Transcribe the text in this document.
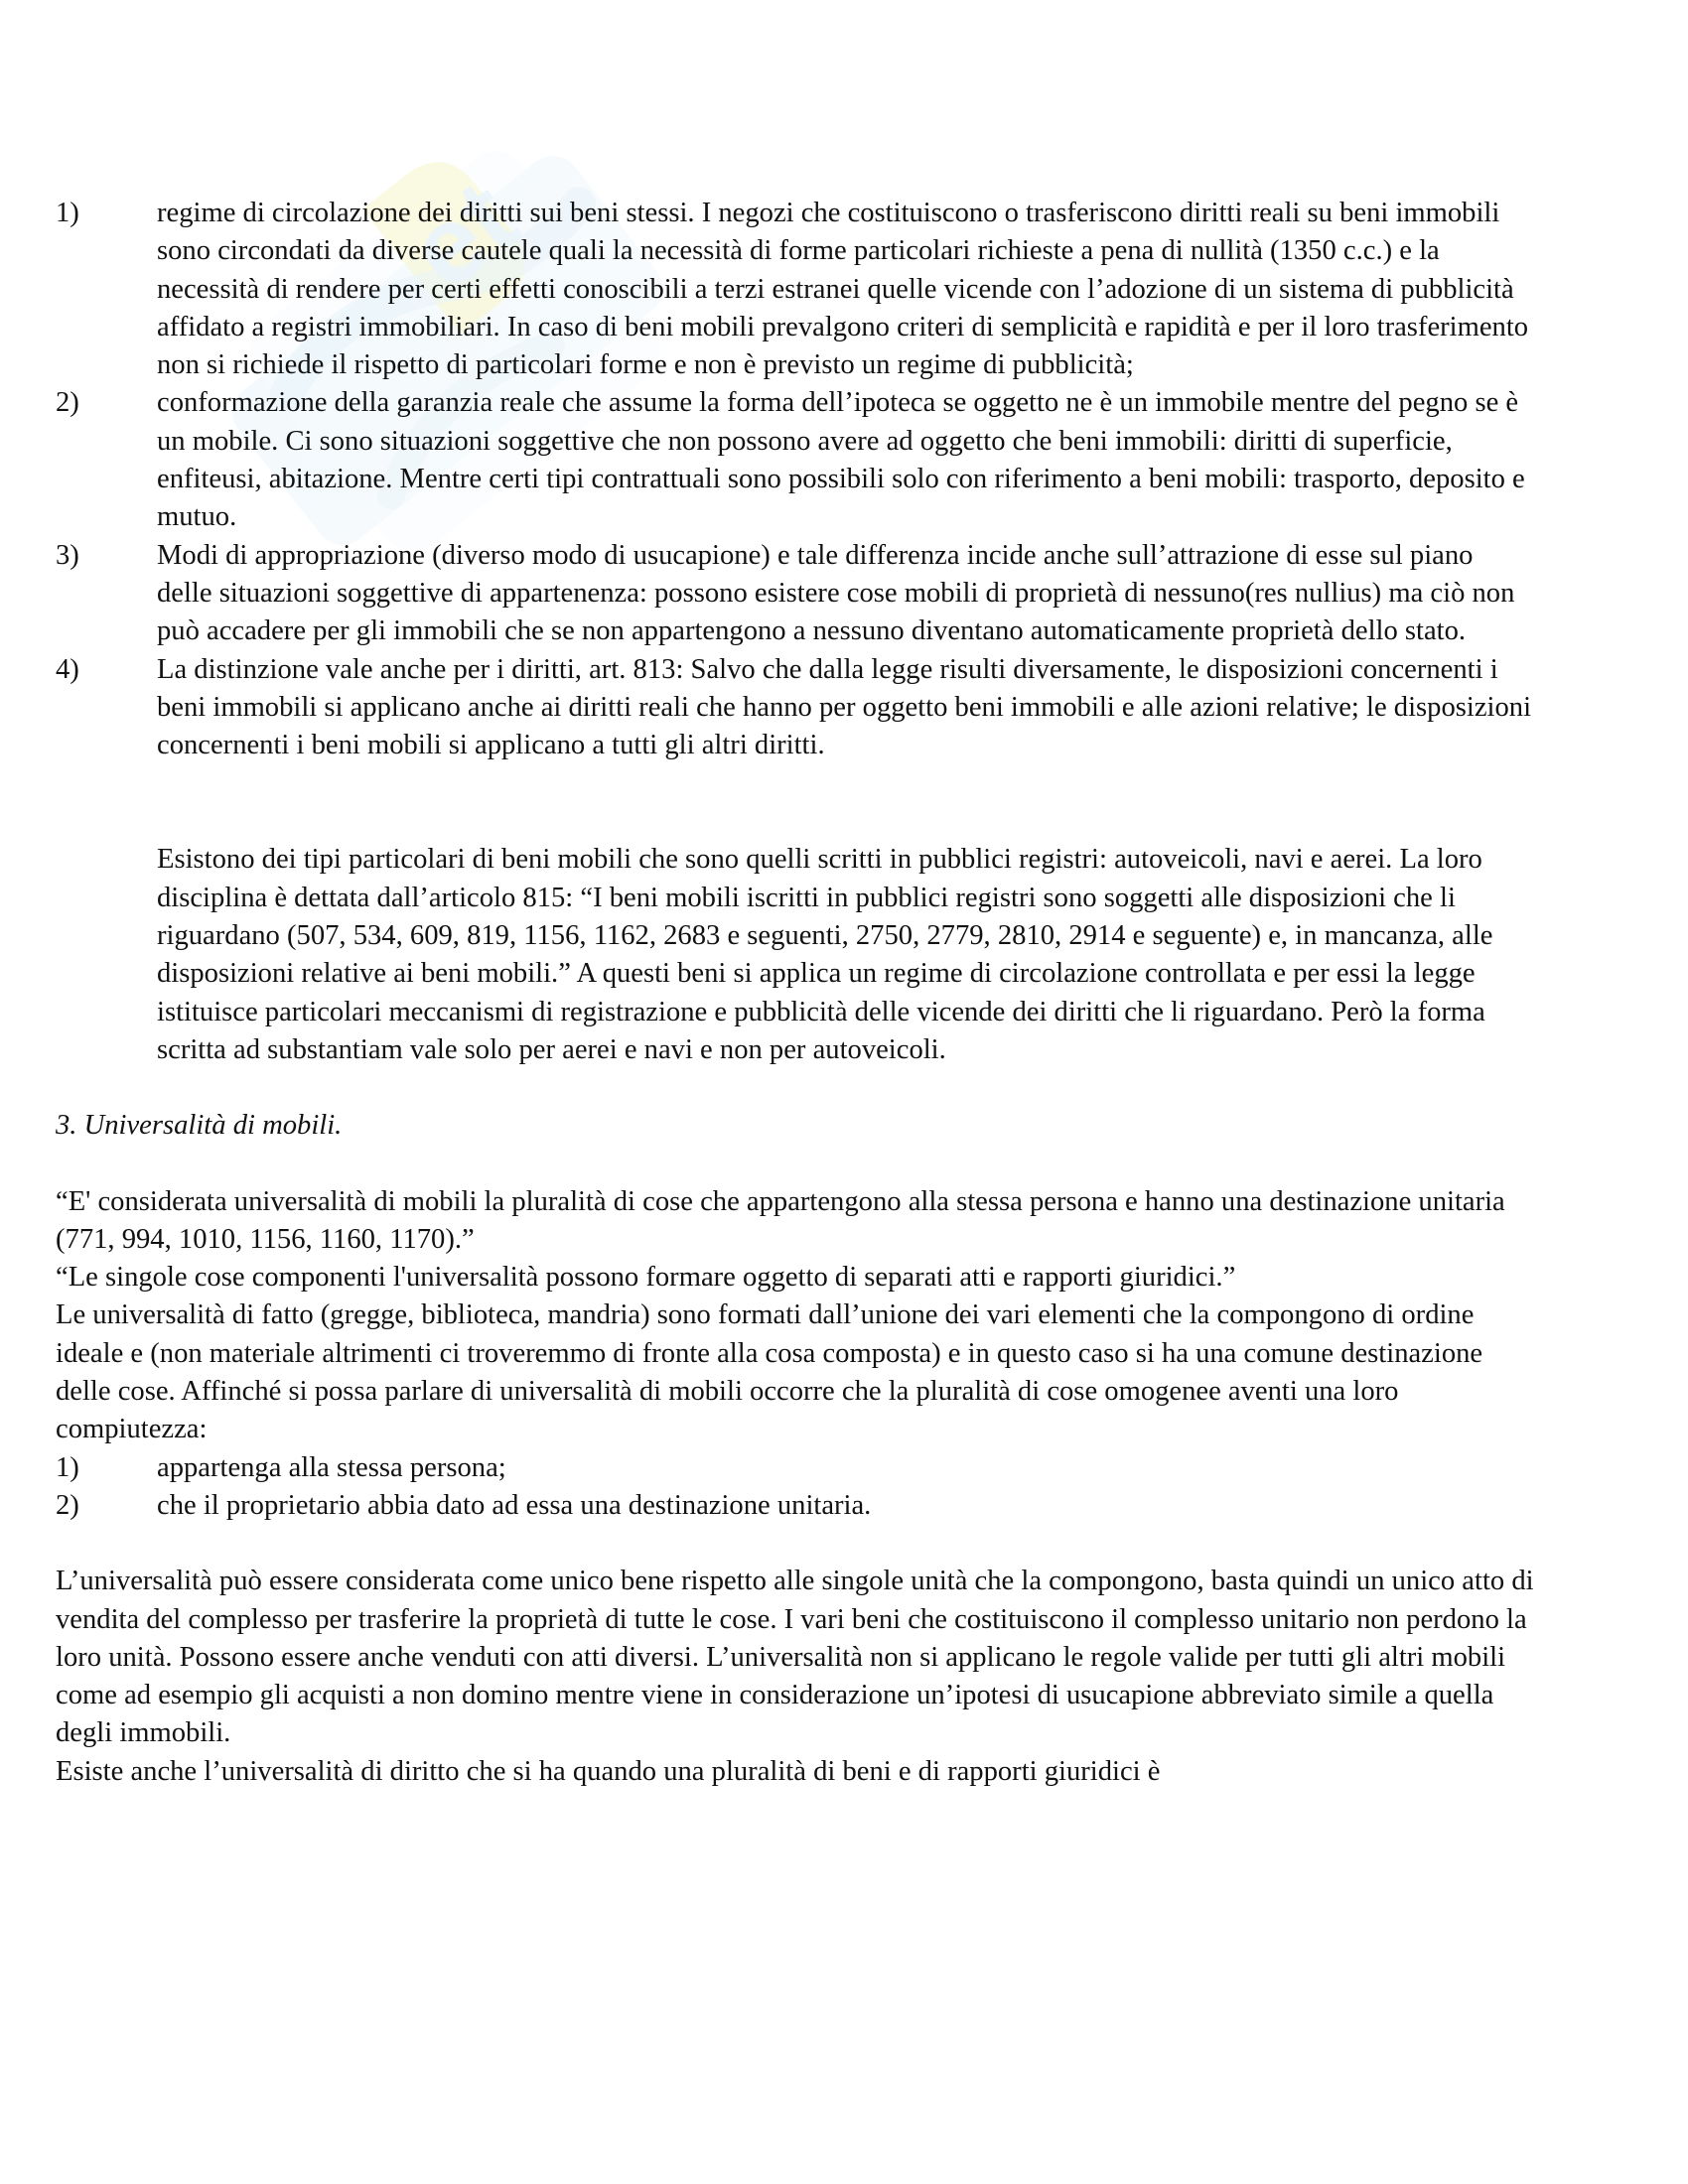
et
1)	regime di circolazione dei diritti sui beni stessi. I negozi che costituiscono o trasferiscono diritti reali su beni immobili sono circondati da diverse cautele quali la necessità di forme particolari richieste a pena di nullità (1350 c.c.) e la necessità di rendere per certi effetti conoscibili a terzi estranei quelle vicende con l’adozione di un sistema di pubblicità affidato a registri immobiliari. In caso di beni mobili prevalgono criteri di semplicità e rapidità e per il loro trasferimento non si richiede il rispetto di particolari forme e non è previsto un regime di pubblicità;
2)	conformazione della garanzia reale che assume la forma dell’ipoteca se oggetto ne è un immobile mentre del pegno se è un mobile. Ci sono situazioni soggettive che non possono avere ad oggetto che beni immobili: diritti di superficie, enfiteusi, abitazione. Mentre certi tipi contrattuali sono possibili solo con riferimento a beni mobili: trasporto, deposito e mutuo.
3)	Modi di appropriazione (diverso modo di usucapione) e tale differenza incide anche sull’attrazione di esse sul piano delle situazioni soggettive di appartenenza: possono esistere cose mobili di proprietà di nessuno(res nullius) ma ciò non può accadere per gli immobili che se non appartengono a nessuno diventano automaticamente proprietà dello stato.
4)	La distinzione vale anche per i diritti, art. 813: Salvo che dalla legge risulti diversamente, le disposizioni concernenti i beni immobili si applicano anche ai diritti reali che hanno per oggetto beni immobili e alle azioni relative; le disposizioni concernenti i beni mobili si applicano a tutti gli altri diritti.

Esistono dei tipi particolari di beni mobili che sono quelli scritti in pubblici registri: autoveicoli, navi e aerei. La loro disciplina è dettata dall’articolo 815: “I beni mobili iscritti in pubblici registri sono soggetti alle disposizioni che li riguardano (507, 534, 609, 819, 1156, 1162, 2683 e seguenti, 2750, 2779, 2810, 2914 e seguente) e, in mancanza, alle disposizioni relative ai beni mobili.” A questi beni si applica un regime di circolazione controllata e per essi la legge istituisce particolari meccanismi di registrazione e pubblicità delle vicende dei diritti che li riguardano. Però la forma scritta ad substantiam vale solo per aerei e navi e non per autoveicoli.

3. Universalità di mobili.

“E' considerata universalità di mobili la pluralità di cose che appartengono alla stessa persona e hanno una destinazione unitaria (771, 994, 1010, 1156, 1160, 1170).”

“Le singole cose componenti l'universalità possono formare oggetto di separati atti e rapporti giuridici.”

Le universalità di fatto (gregge, biblioteca, mandria) sono formati dall’unione dei vari elementi che la compongono di ordine ideale e (non materiale altrimenti ci troveremmo di fronte alla cosa composta) e in questo caso si ha una comune destinazione delle cose. Affinché si possa parlare di universalità di mobili occorre che la pluralità di cose omogenee aventi una loro compiutezza:

1)	appartenga alla stessa persona;
2)	che il proprietario abbia dato ad essa una destinazione unitaria.

L’universalità può essere considerata come unico bene rispetto alle singole unità che la compongono, basta quindi un unico atto di vendita del complesso per trasferire la proprietà di tutte le cose. I vari beni che costituiscono il complesso unitario non perdono la loro unità. Possono essere anche venduti con atti diversi. L’universalità non si applicano le regole valide per tutti gli altri mobili come ad esempio gli acquisti a non domino mentre viene in considerazione un’ipotesi di usucapione abbreviato simile a quella degli immobili.

Esiste anche l’universalità di diritto che si ha quando una pluralità di beni e di rapporti giuridici è
